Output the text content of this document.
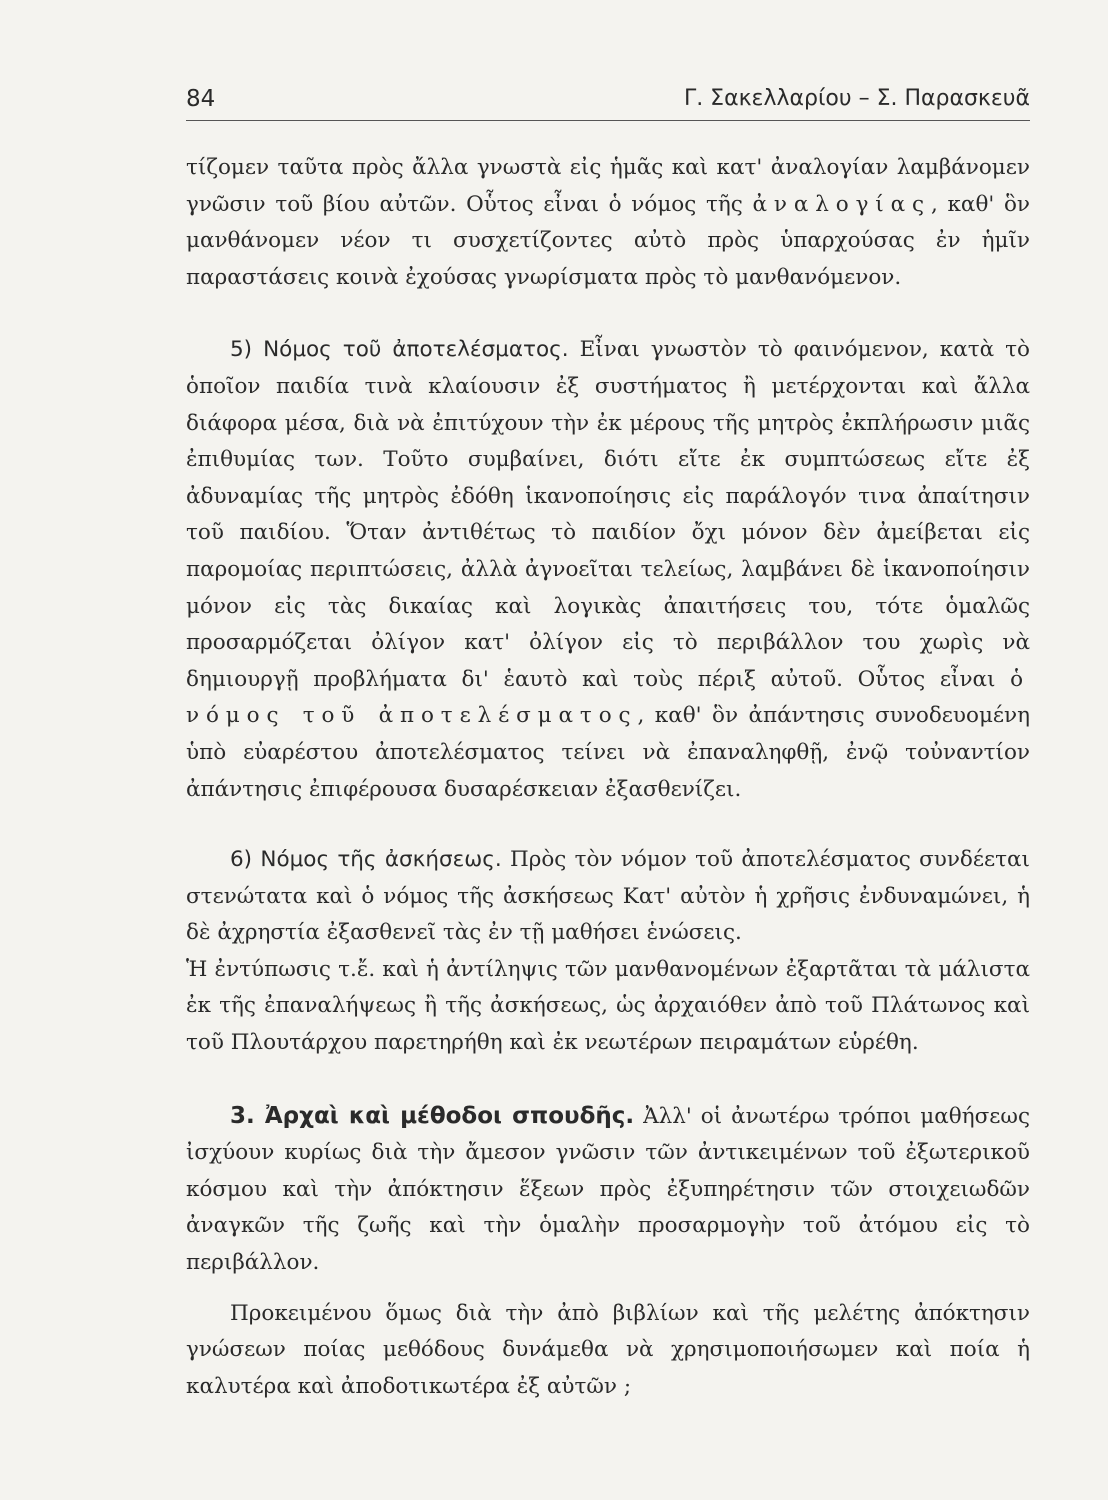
84	Γ. Σακελλαρίου – Σ. Παρασκευᾶ

τίζομεν ταῦτα πρὸς ἄλλα γνωστὰ εἰς ἡμᾶς καὶ κατ' ἀναλογίαν λαμβάνομεν γνῶσιν τοῦ βίου αὐτῶν. Οὗτος εἶναι ὁ νόμος τῆς ἀναλογίας, καθ' ὃν μανθάνομεν νέον τι συσχετίζοντες αὐτὸ πρὸς ὑπαρχούσας ἐν ἡμῖν παραστάσεις κοινὰ ἐχούσας γνωρίσματα πρὸς τὸ μανθανόμενον.

5) Νόμος τοῦ ἀποτελέσματος. Εἶναι γνωστὸν τὸ φαινόμενον, κατὰ τὸ ὁποῖον παιδία τινὰ κλαίουσιν ἐξ συστήματος ἢ μετέρχονται καὶ ἄλλα διάφορα μέσα, διὰ νὰ ἐπιτύχουν τὴν ἐκ μέρους τῆς μητρὸς ἐκπλήρωσιν μιᾶς ἐπιθυμίας των. Τοῦτο συμβαίνει, διότι εἴτε ἐκ συμπτώσεως εἴτε ἐξ ἀδυναμίας τῆς μητρὸς ἐδόθη ἱκανοποίησις εἰς παράλογόν τινα ἀπαίτησιν τοῦ παιδίου. Ὅταν ἀντιθέτως τὸ παιδίον ὄχι μόνον δὲν ἀμείβεται εἰς παρομοίας περιπτώσεις, ἀλλὰ ἀγνοεῖται τελείως, λαμβάνει δὲ ἱκανοποίησιν μόνον εἰς τὰς δικαίας καὶ λογικὰς ἀπαιτήσεις του, τότε ὁμαλῶς προσαρμόζεται ὀλίγον κατ' ὀλίγον εἰς τὸ περιβάλλον του χωρὶς νὰ δημιουργῇ προβλήματα δι' ἑαυτὸ καὶ τοὺς πέριξ αὐτοῦ. Οὗτος εἶναι ὁ νόμος τοῦ ἀποτελέσματος, καθ' ὃν ἀπάντησις συνοδευομένη ὑπὸ εὐαρέστου ἀποτελέσματος τείνει νὰ ἐπαναληφθῇ, ἐνῷ τοὐναντίον ἀπάντησις ἐπιφέρουσα δυσαρέσκειαν ἐξασθενίζει.

6) Νόμος τῆς ἀσκήσεως. Πρὸς τὸν νόμον τοῦ ἀποτελέσματος συνδέεται στενώτατα καὶ ὁ νόμος τῆς ἀσκήσεως Κατ' αὐτὸν ἡ χρῆσις ἐνδυναμώνει, ἡ δὲ ἀχρηστία ἐξασθενεῖ τὰς ἐν τῇ μαθήσει ἑνώσεις.

Ἡ ἐντύπωσις τ.ἔ. καὶ ἡ ἀντίληψις τῶν μανθανομένων ἐξαρτᾶται τὰ μάλιστα ἐκ τῆς ἐπαναλήψεως ἢ τῆς ἀσκήσεως, ὡς ἀρχαιόθεν ἀπὸ τοῦ Πλάτωνος καὶ τοῦ Πλουτάρχου παρετηρήθη καὶ ἐκ νεωτέρων πειραμάτων εὑρέθη.

3. Ἀρχαὶ καὶ μέθοδοι σπουδῆς. Ἀλλ' οἱ ἀνωτέρω τρόποι μαθήσεως ἰσχύουν κυρίως διὰ τὴν ἄμεσον γνῶσιν τῶν ἀντικειμένων τοῦ ἐξωτερικοῦ κόσμου καὶ τὴν ἀπόκτησιν ἕξεων πρὸς ἐξυπηρέτησιν τῶν στοιχειωδῶν ἀναγκῶν τῆς ζωῆς καὶ τὴν ὁμαλὴν προσαρμογὴν τοῦ ἀτόμου εἰς τὸ περιβάλλον.

Προκειμένου ὅμως διὰ τὴν ἀπὸ βιβλίων καὶ τῆς μελέτης ἀπόκτησιν γνώσεων ποίας μεθόδους δυνάμεθα νὰ χρησιμοποιήσωμεν καὶ ποία ἡ καλυτέρα καὶ ἀποδοτικωτέρα ἐξ αὐτῶν ;
